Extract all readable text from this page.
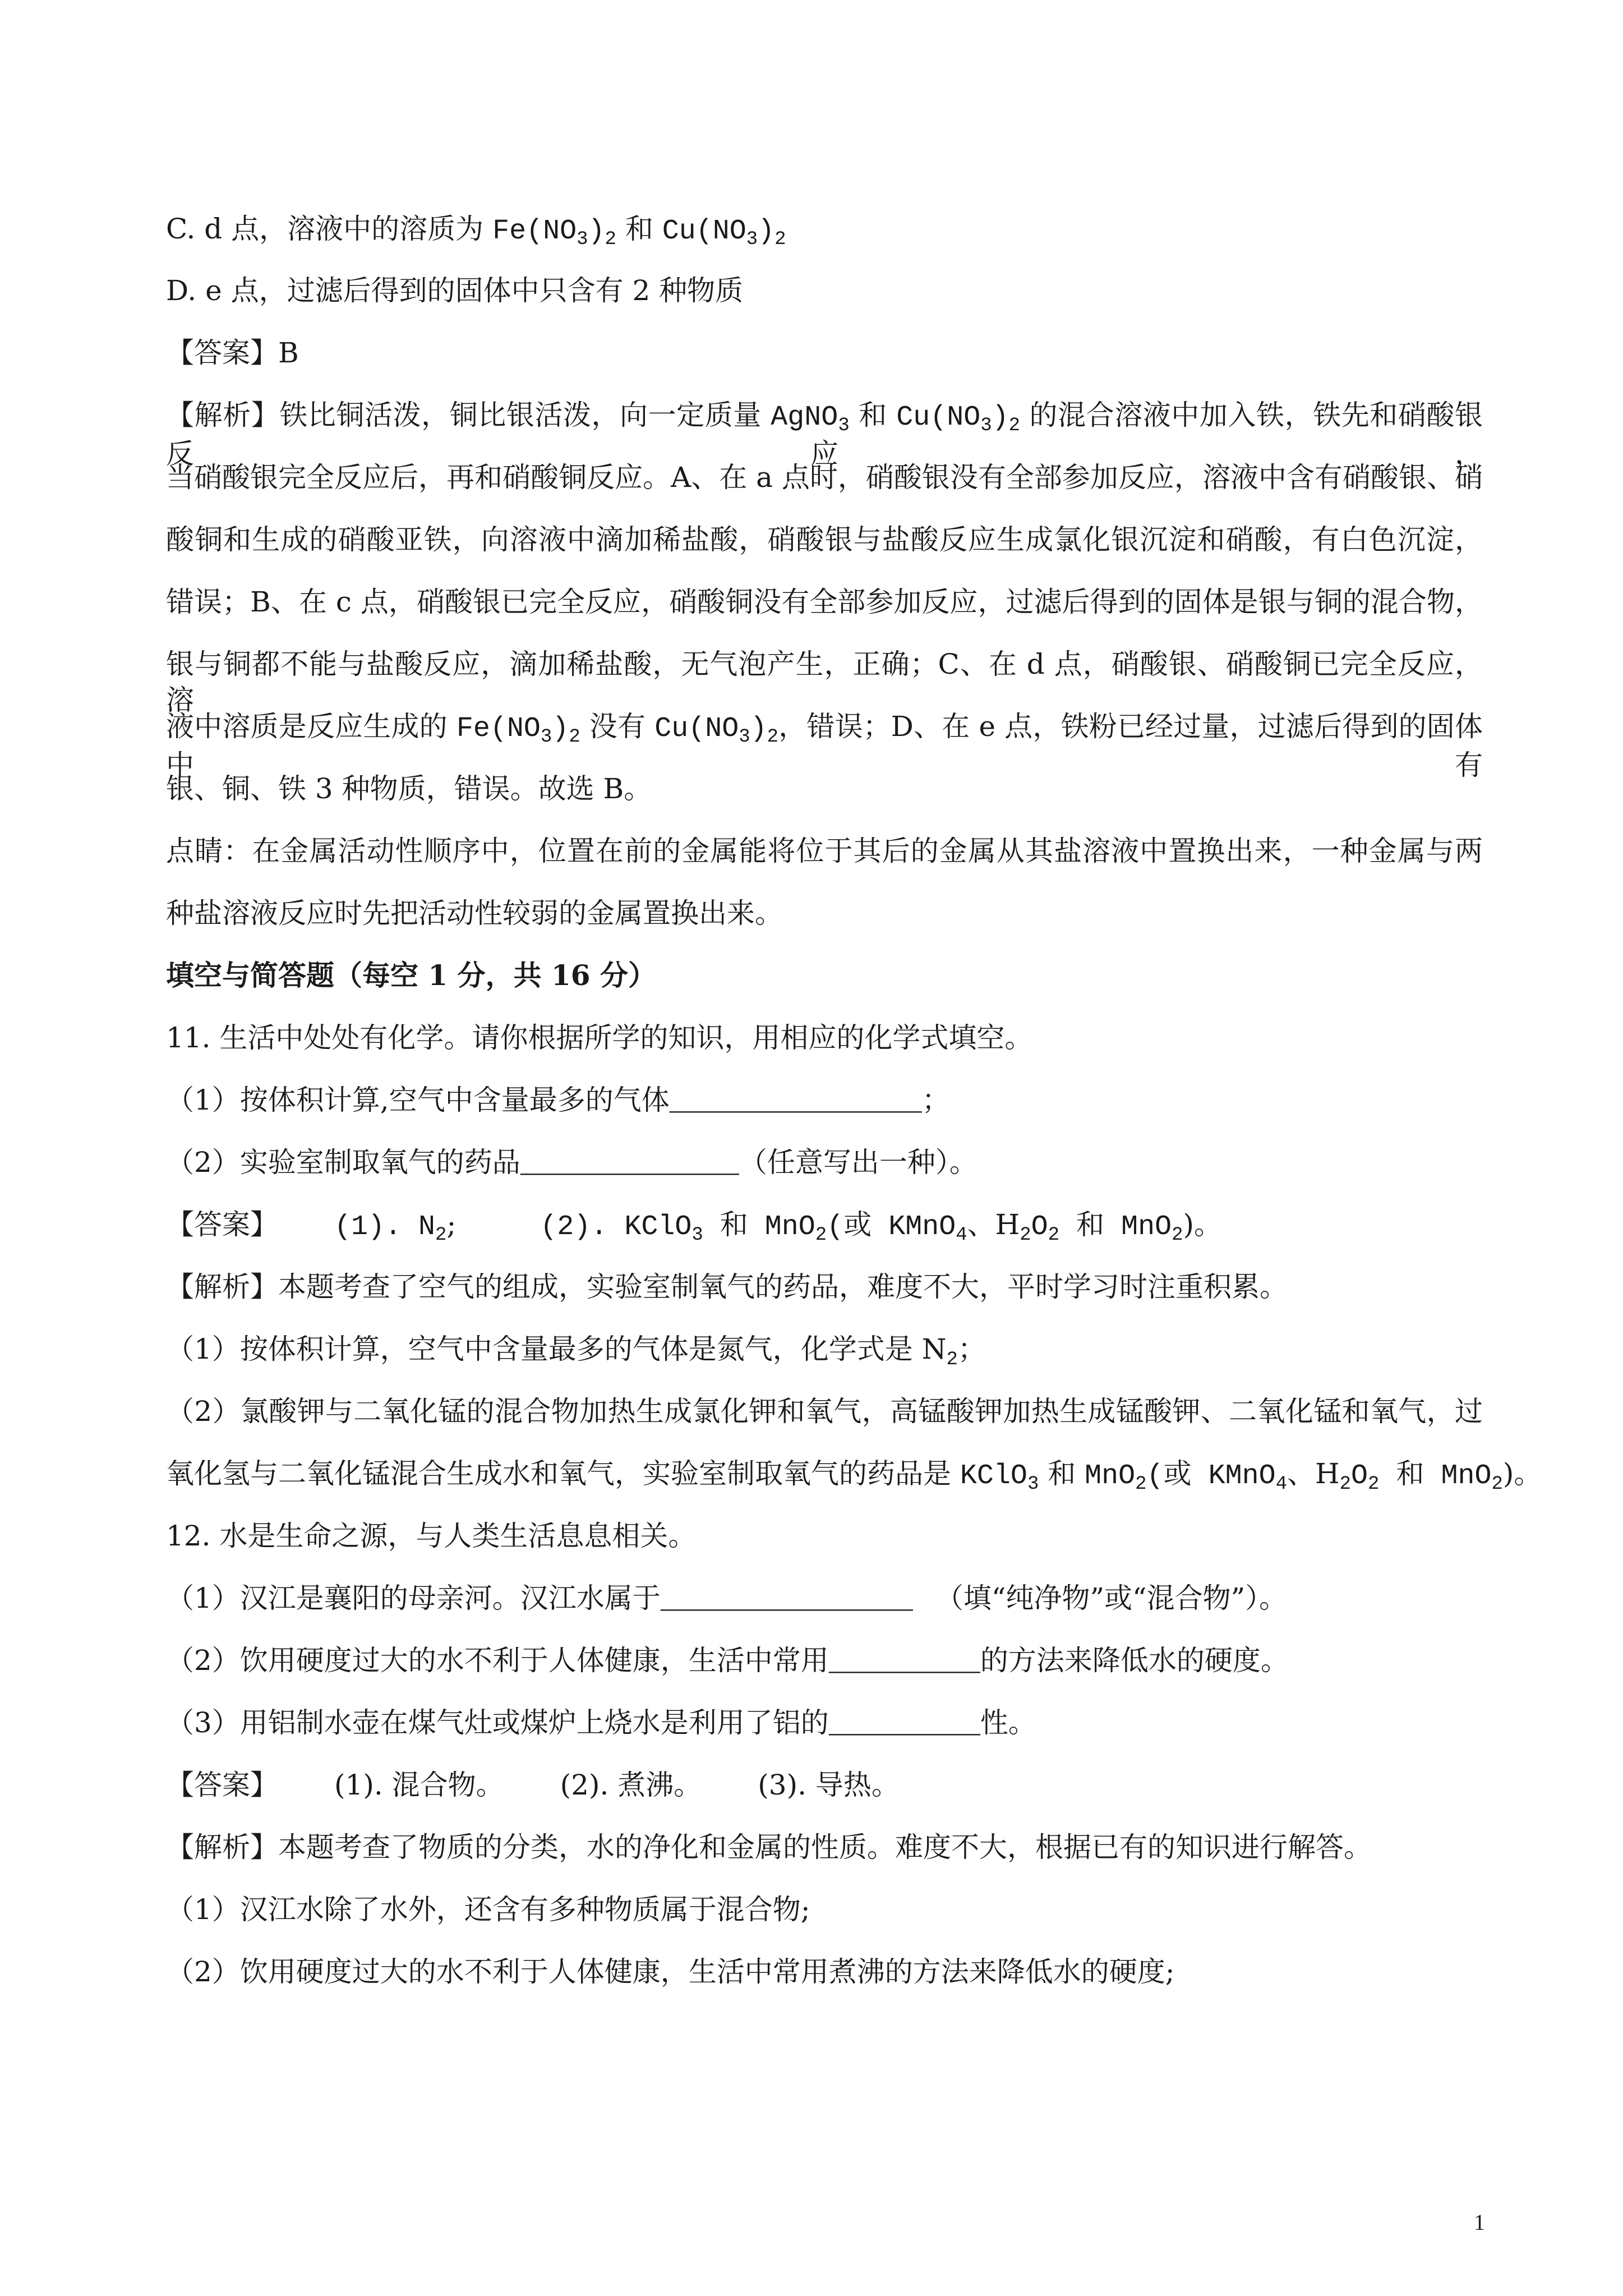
C. d 点，溶液中的溶质为 $Fe(NO_3)_2$ 和 $Cu(NO_3)_2$
D. e 点，过滤后得到的固体中只含有 2 种物质
【答案】B
【解析】铁比铜活泼，铜比银活泼，向一定质量 AgNO$_3$ 和 $Cu(NO_3)_2$ 的混合溶液中加入铁，铁先和硝酸银反应，
当硝酸银完全反应后，再和硝酸铜反应。A、在 a 点时，硝酸银没有全部参加反应，溶液中含有硝酸银、硝
酸铜和生成的硝酸亚铁，向溶液中滴加稀盐酸，硝酸银与盐酸反应生成氯化银沉淀和硝酸，有白色沉淀，
错误；B、在 c 点，硝酸银已完全反应，硝酸铜没有全部参加反应，过滤后得到的固体是银与铜的混合物，
银与铜都不能与盐酸反应，滴加稀盐酸，无气泡产生，正确；C、在 d 点，硝酸银、硝酸铜已完全反应，溶
液中溶质是反应生成的 $Fe(NO_3)_2$ 没有 $Cu(NO_3)_2$，错误；D、在 e 点，铁粉已经过量，过滤后得到的固体中有
银、铜、铁 3 种物质，错误。故选 B。
点睛：在金属活动性顺序中，位置在前的金属能将位于其后的金属从其盐溶液中置换出来，一种金属与两
种盐溶液反应时先把活动性较弱的金属置换出来。
填空与简答题（每空 1 分，共 16 分）
11. 生活中处处有化学。请你根据所学的知识，用相应的化学式填空。
（1）按体积计算,空气中含量最多的气体_______________；
（2）实验室制取氧气的药品_____________（任意写出一种）。
【答案】 (1). $N_2$;	(2). KClO$_3$ 和 MnO$_2$(或 KMnO$_4$、$H_2O_2$ 和 MnO$_2$)。
【解析】本题考查了空气的组成，实验室制氧气的药品，难度不大，平时学习时注重积累。
（1）按体积计算，空气中含量最多的气体是氮气，化学式是 $N_2$；
（2）氯酸钾与二氧化锰的混合物加热生成氯化钾和氧气，高锰酸钾加热生成锰酸钾、二氧化锰和氧气，过
氧化氢与二氧化锰混合生成水和氧气，实验室制取氧气的药品是 KClO$_3$ 和 MnO$_2$(或 KMnO$_4$、$H_2O_2$ 和 MnO$_2$)。
12. 水是生命之源，与人类生活息息相关。
（1）汉江是襄阳的母亲河。汉江水属于_______________ （填“纯净物”或“混合物”）。
（2）饮用硬度过大的水不利于人体健康，生活中常用_________的方法来降低水的硬度。
（3）用铝制水壶在煤气灶或煤炉上烧水是利用了铝的_________性。
【答案】 (1). 混合物。 (2). 煮沸。 (3). 导热。
【解析】本题考查了物质的分类，水的净化和金属的性质。难度不大，根据已有的知识进行解答。
（1）汉江水除了水外，还含有多种物质属于混合物;
（2）饮用硬度过大的水不利于人体健康，生活中常用煮沸的方法来降低水的硬度;
1
